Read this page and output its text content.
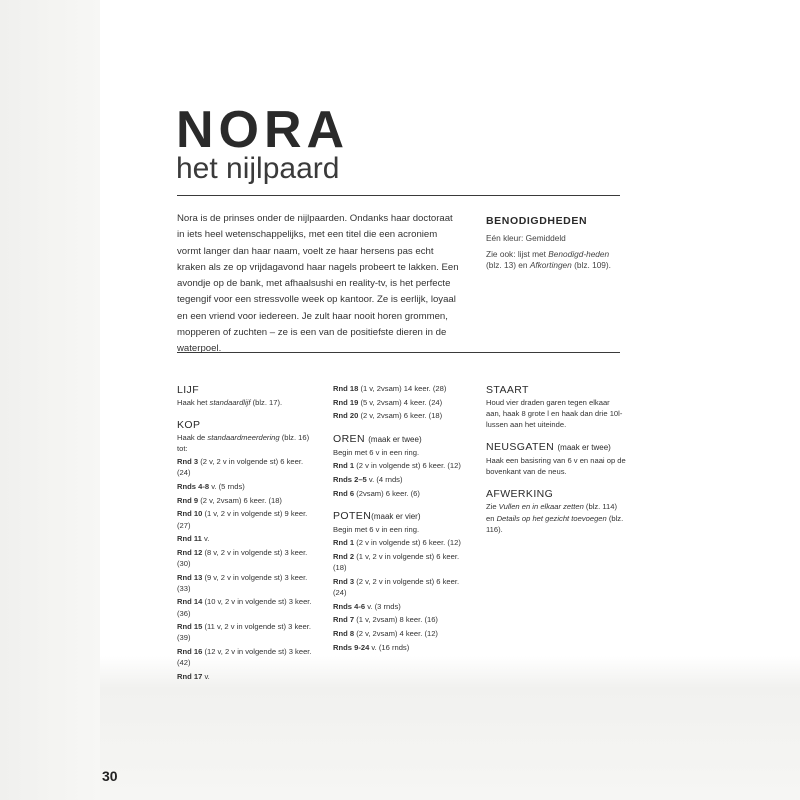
NORA

het nijlpaard

Nora is de prinses onder de nijlpaarden. Ondanks haar doctoraat in iets heel wetenschappelijks, met een titel die een acroniem vormt langer dan haar naam, voelt ze haar hersens pas echt kraken als ze op vrijdagavond haar nagels probeert te lakken. Een avondje op de bank, met afhaalsushi en reality-tv, is het perfecte tegengif voor een stressvolle week op kantoor. Ze is eerlijk, loyaal en een vriend voor iedereen. Je zult haar nooit horen grommen, mopperen of zuchten – ze is een van de positiefste dieren in de waterpoel.

BENODIGDHEDEN

Eén kleur: Gemiddeld

Zie ook: lijst met Benodigd-heden (blz. 13) en Afkortingen (blz. 109).

LIJF

Haak het standaardlijf (blz. 17).

KOP

Haak de standaardmeerdering (blz. 16) tot:

Rnd 3 (2 v, 2 v in volgende st) 6 keer. (24)
Rnds 4-8 v. (5 rnds)
Rnd 9 (2 v, 2vsam) 6 keer. (18)
Rnd 10 (1 v, 2 v in volgende st) 9 keer. (27)
Rnd 11 v.
Rnd 12 (8 v, 2 v in volgende st) 3 keer. (30)
Rnd 13 (9 v, 2 v in volgende st) 3 keer. (33)
Rnd 14 (10 v, 2 v in volgende st) 3 keer. (36)
Rnd 15 (11 v, 2 v in volgende st) 3 keer. (39)
Rnd 16 (12 v, 2 v in volgende st) 3 keer. (42)
Rnd 17 v.
Rnd 18 (1 v, 2vsam) 14 keer. (28)
Rnd 19 (5 v, 2vsam) 4 keer. (24)
Rnd 20 (2 v, 2vsam) 6 keer. (18)
OREN (maak er twee)

Begin met 6 v in een ring.

Rnd 1 (2 v in volgende st) 6 keer. (12)
Rnds 2–5 v. (4 rnds)
Rnd 6 (2vsam) 6 keer. (6)
POTEN(maak er vier)

Begin met 6 v in een ring.

Rnd 1 (2 v in volgende st) 6 keer. (12)
Rnd 2 (1 v, 2 v in volgende st) 6 keer. (18)
Rnd 3 (2 v, 2 v in volgende st) 6 keer. (24)
Rnds 4-6 v. (3 rnds)
Rnd 7 (1 v, 2vsam) 8 keer. (16)
Rnd 8 (2 v, 2vsam) 4 keer. (12)
Rnds 9-24 v. (16 rnds)
STAART

Houd vier draden garen tegen elkaar aan, haak 8 grote l en haak dan drie 10l-lussen aan het uiteinde.

NEUSGATEN (maak er twee)

Haak een basisring van 6 v en naai op de bovenkant van de neus.

AFWERKING

Zie Vullen en in elkaar zetten (blz. 114) en Details op het gezicht toevoegen (blz. 116).

30
